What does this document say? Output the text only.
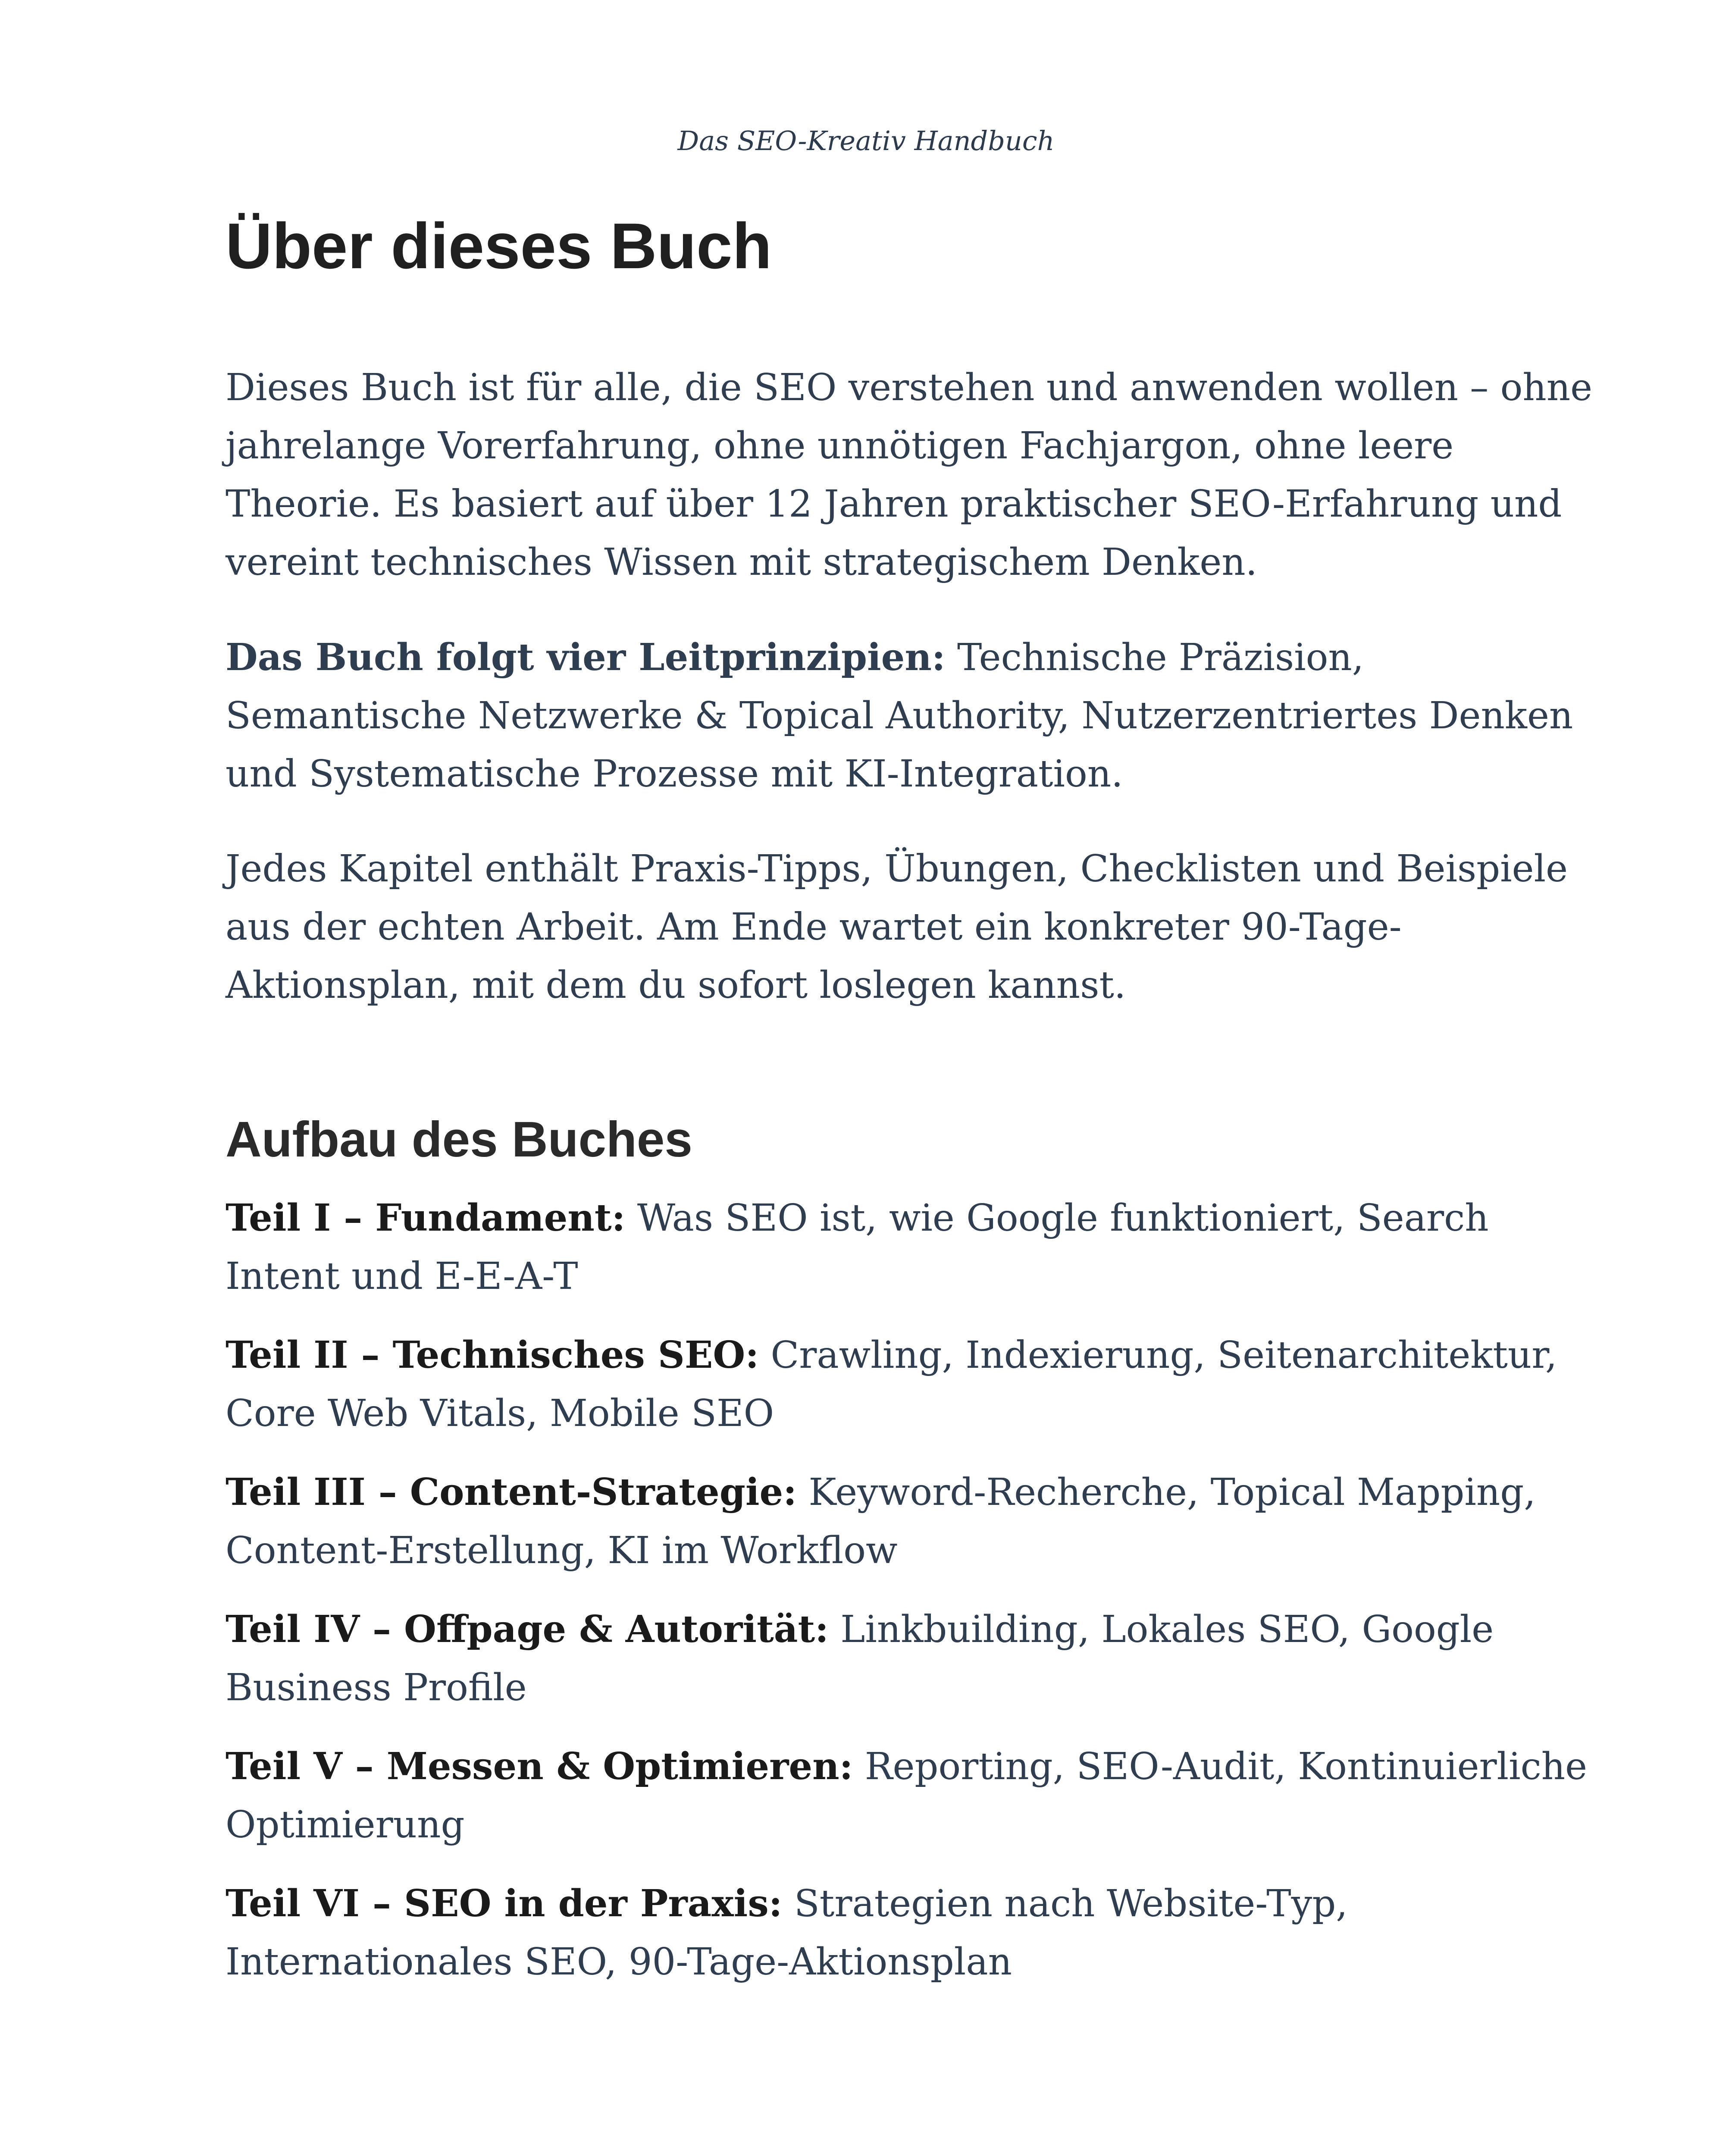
Das SEO-Kreativ Handbuch
Über dieses Buch

Dieses Buch ist für alle, die SEO verstehen und anwenden wollen – ohne jahrelange Vorerfahrung, ohne unnötigen Fachjargon, ohne leere Theorie. Es basiert auf über 12 Jahren praktischer SEO-Erfahrung und vereint technisches Wissen mit strategischem Denken.

Das Buch folgt vier Leitprinzipien: Technische Präzision, Semantische Netzwerke & Topical Authority, Nutzerzentriertes Denken und Systematische Prozesse mit KI-Integration.

Jedes Kapitel enthält Praxis-Tipps, Übungen, Checklisten und Beispiele aus der echten Arbeit. Am Ende wartet ein konkreter 90-Tage-Aktionsplan, mit dem du sofort loslegen kannst.

Aufbau des Buches

Teil I – Fundament: Was SEO ist, wie Google funktioniert, Search Intent und E-E-A-T

Teil II – Technisches SEO: Crawling, Indexierung, Seitenarchitektur, Core Web Vitals, Mobile SEO

Teil III – Content-Strategie: Keyword-Recherche, Topical Mapping, Content-Erstellung, KI im Workflow

Teil IV – Offpage & Autorität: Linkbuilding, Lokales SEO, Google Business Profile

Teil V – Messen & Optimieren: Reporting, SEO-Audit, Kontinuierliche Optimierung

Teil VI – SEO in der Praxis: Strategien nach Website-Typ, Internationales SEO, 90-Tage-Aktionsplan
